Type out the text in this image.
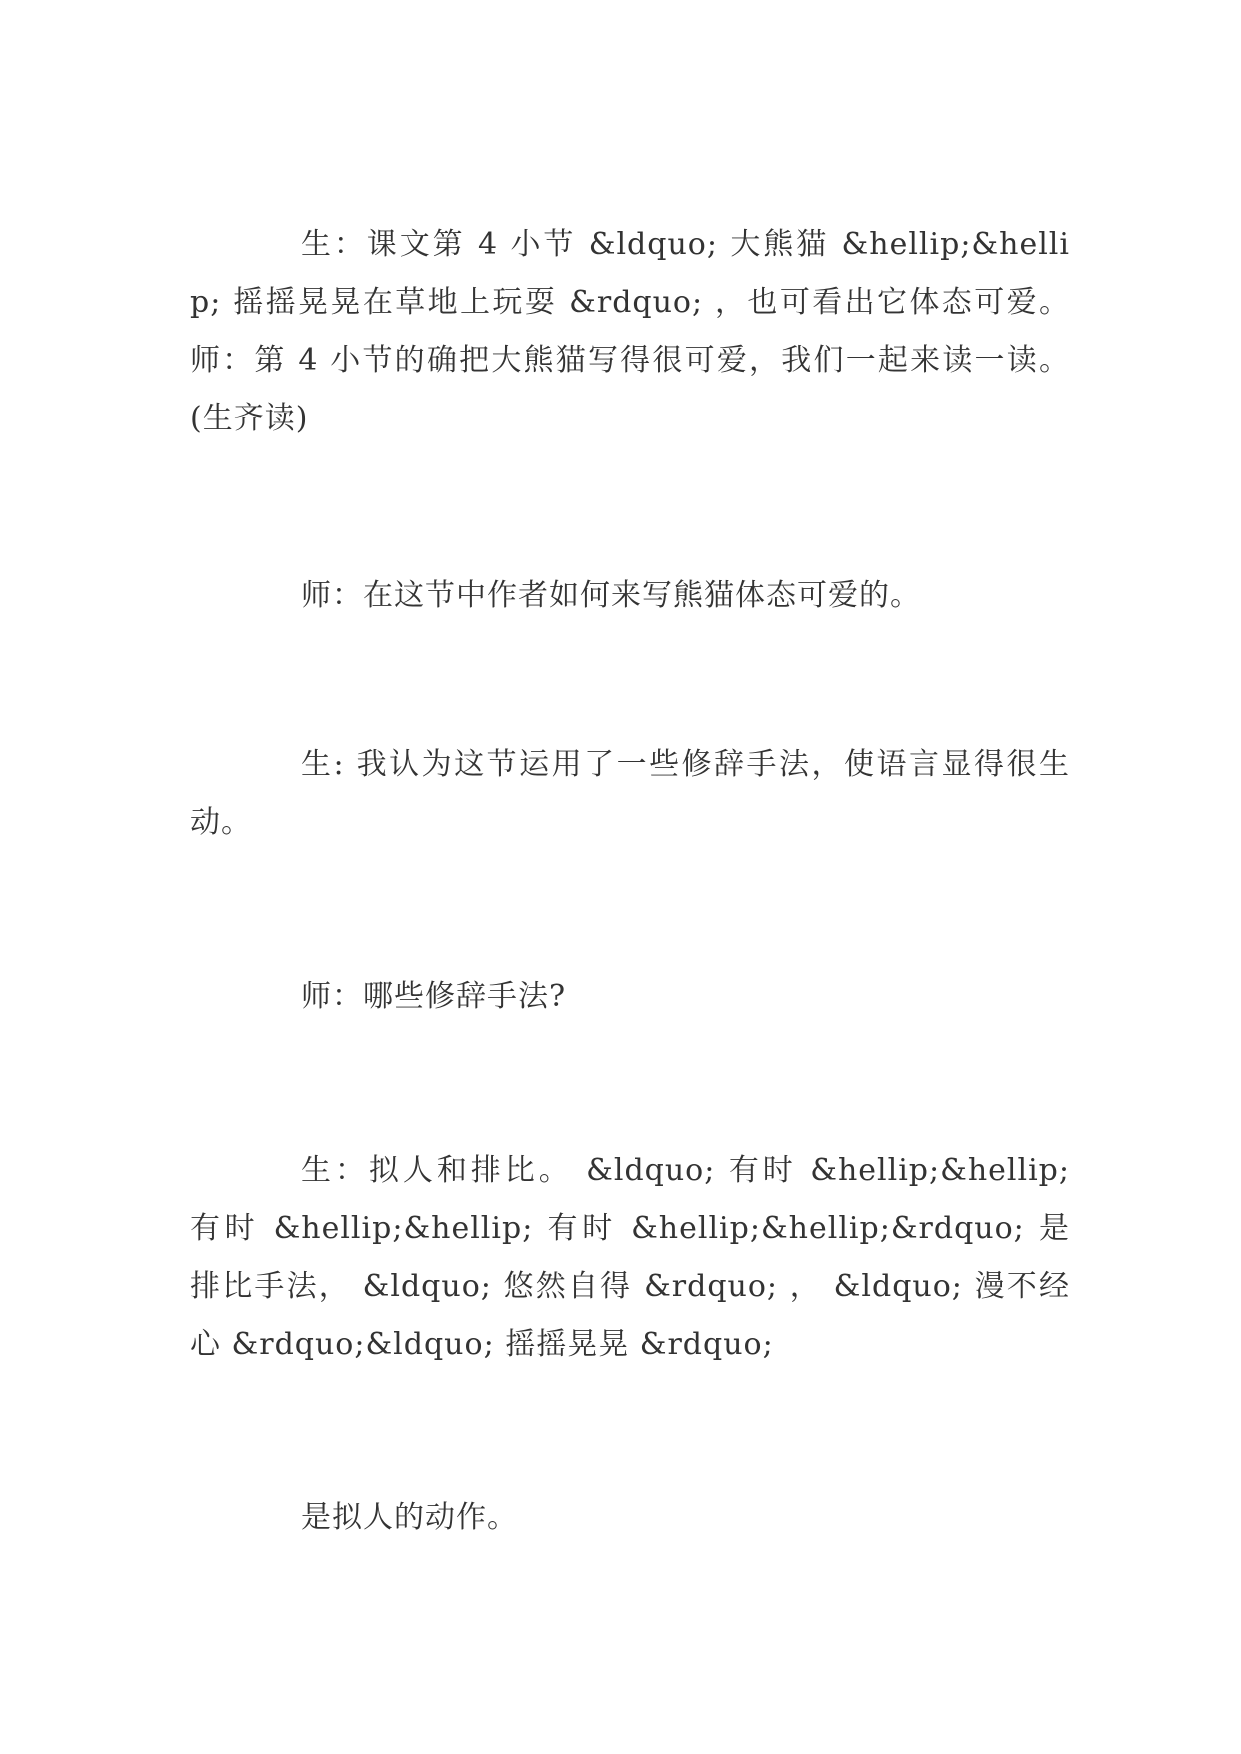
生：课文第 4 小节 &ldquo; 大熊猫 &hellip;&hellip; 摇摇晃晃在草地上玩耍 &rdquo; ，也可看出它体态可爱。师：第 4 小节的确把大熊猫写得很可爱，我们一起来读一读。(生齐读)

师：在这节中作者如何来写熊猫体态可爱的。

生: 我认为这节运用了一些修辞手法，使语言显得很生动。

师：哪些修辞手法?

生：拟人和排比。 &ldquo; 有时 &hellip;&hellip; 有时 &hellip;&hellip; 有时 &hellip;&hellip;&rdquo; 是排比手法， &ldquo; 悠然自得 &rdquo; ， &ldquo; 漫不经心 &rdquo;&ldquo; 摇摇晃晃 &rdquo;

是拟人的动作。
